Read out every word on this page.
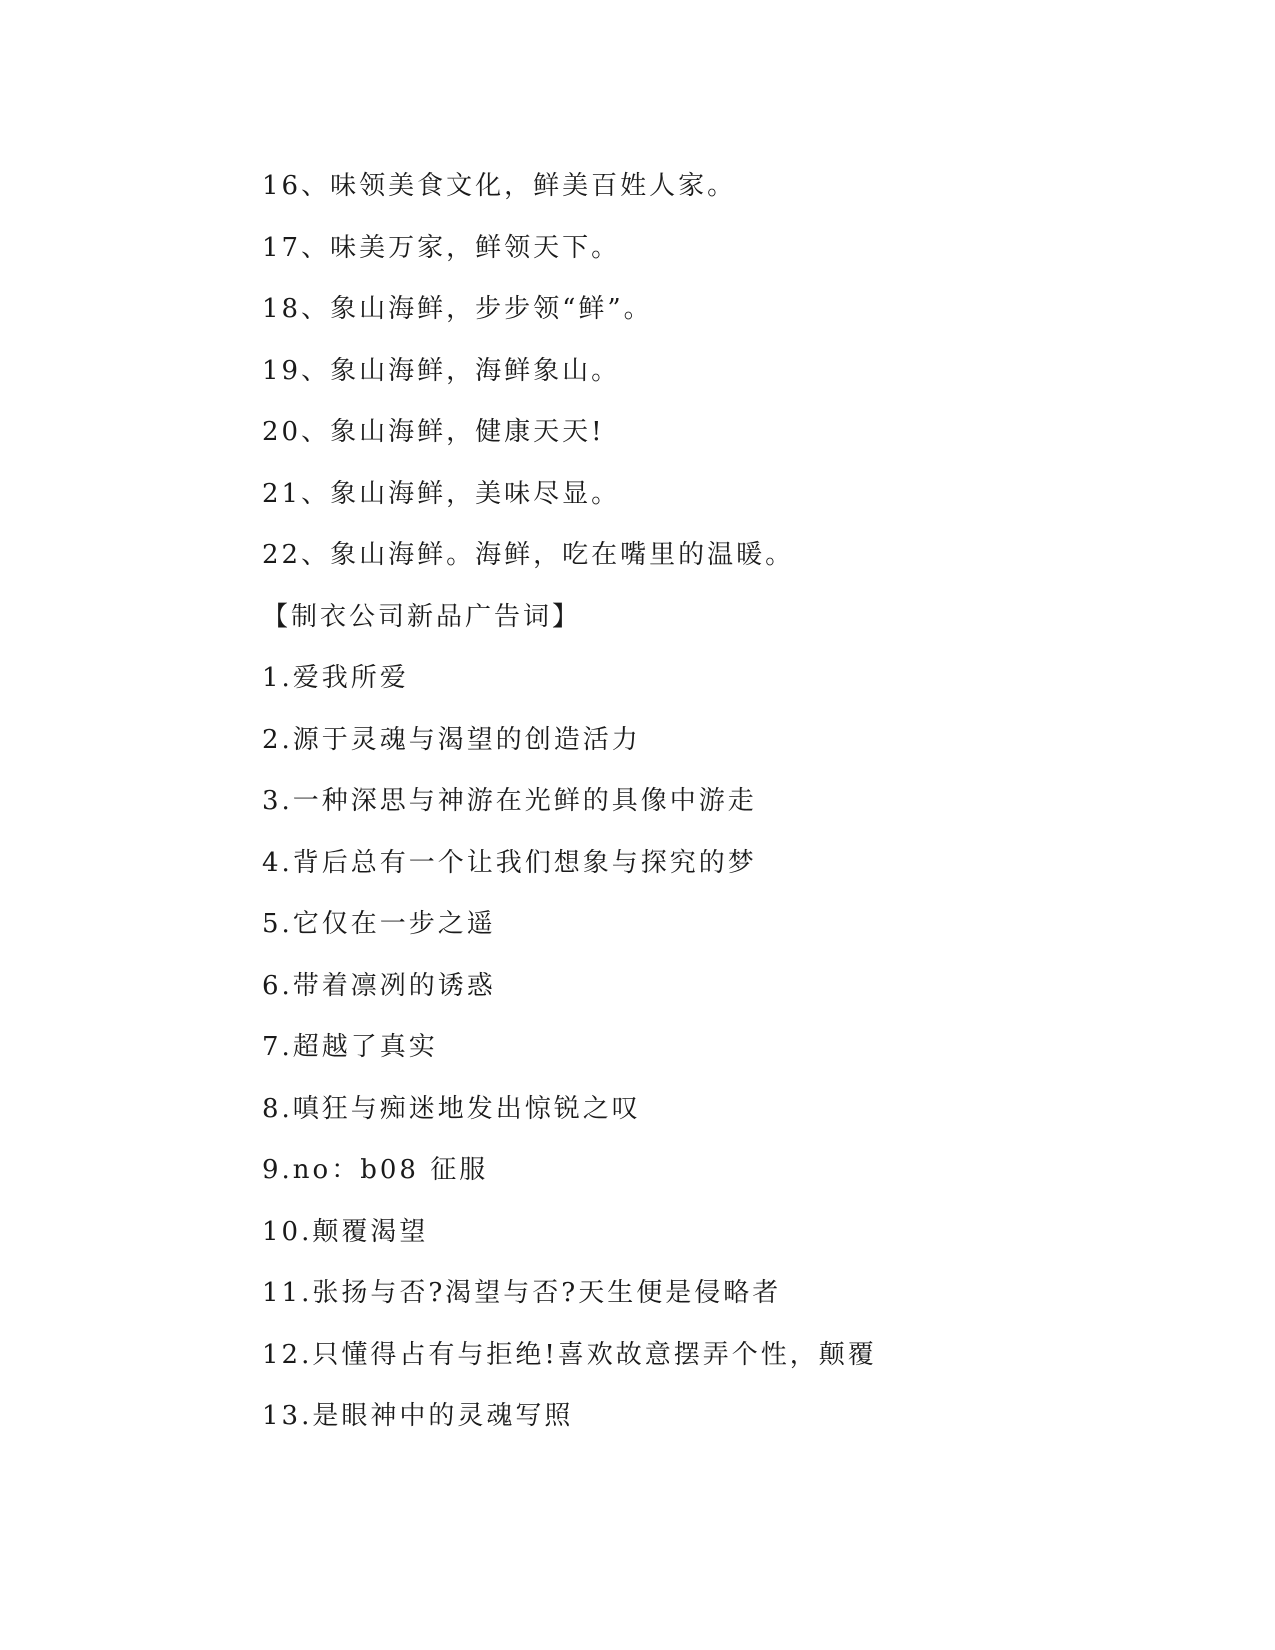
16、味领美食文化，鲜美百姓人家。
17、味美万家，鲜领天下。
18、象山海鲜，步步领“鲜”。
19、象山海鲜，海鲜象山。
20、象山海鲜，健康天天!
21、象山海鲜，美味尽显。
22、象山海鲜。海鲜，吃在嘴里的温暖。
【制衣公司新品广告词】
1.爱我所爱
2.源于灵魂与渴望的创造活力
3.一种深思与神游在光鲜的具像中游走
4.背后总有一个让我们想象与探究的梦
5.它仅在一步之遥
6.带着凛冽的诱惑
7.超越了真实
8.嗔狂与痴迷地发出惊锐之叹
9.no：b08 征服
10.颠覆渴望
11.张扬与否?渴望与否?天生便是侵略者
12.只懂得占有与拒绝!喜欢故意摆弄个性，颠覆
13.是眼神中的灵魂写照
